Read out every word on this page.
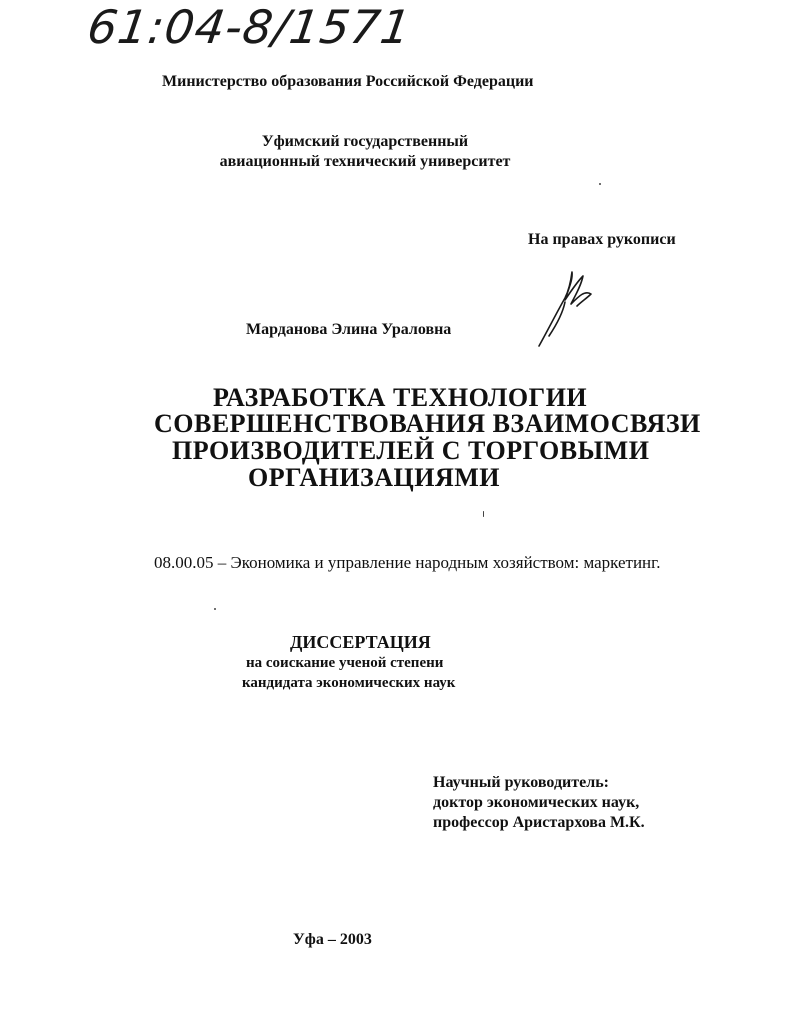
61:04-8/1571
Министерство образования Российской Федерации
Уфимский государственный
авиационный технический университет
На правах рукописи
Марданова Элина Ураловна
РАЗРАБОТКА ТЕХНОЛОГИИ
СОВЕРШЕНСТВОВАНИЯ ВЗАИМОСВЯЗИ
ПРОИЗВОДИТЕЛЕЙ С ТОРГОВЫМИ
ОРГАНИЗАЦИЯМИ
08.00.05 – Экономика и управление народным хозяйством: маркетинг.
ДИССЕРТАЦИЯ
на соискание ученой степени
кандидата экономических наук
Научный руководитель:
доктор экономических наук,
профессор Аристархова М.К.
Уфа – 2003
